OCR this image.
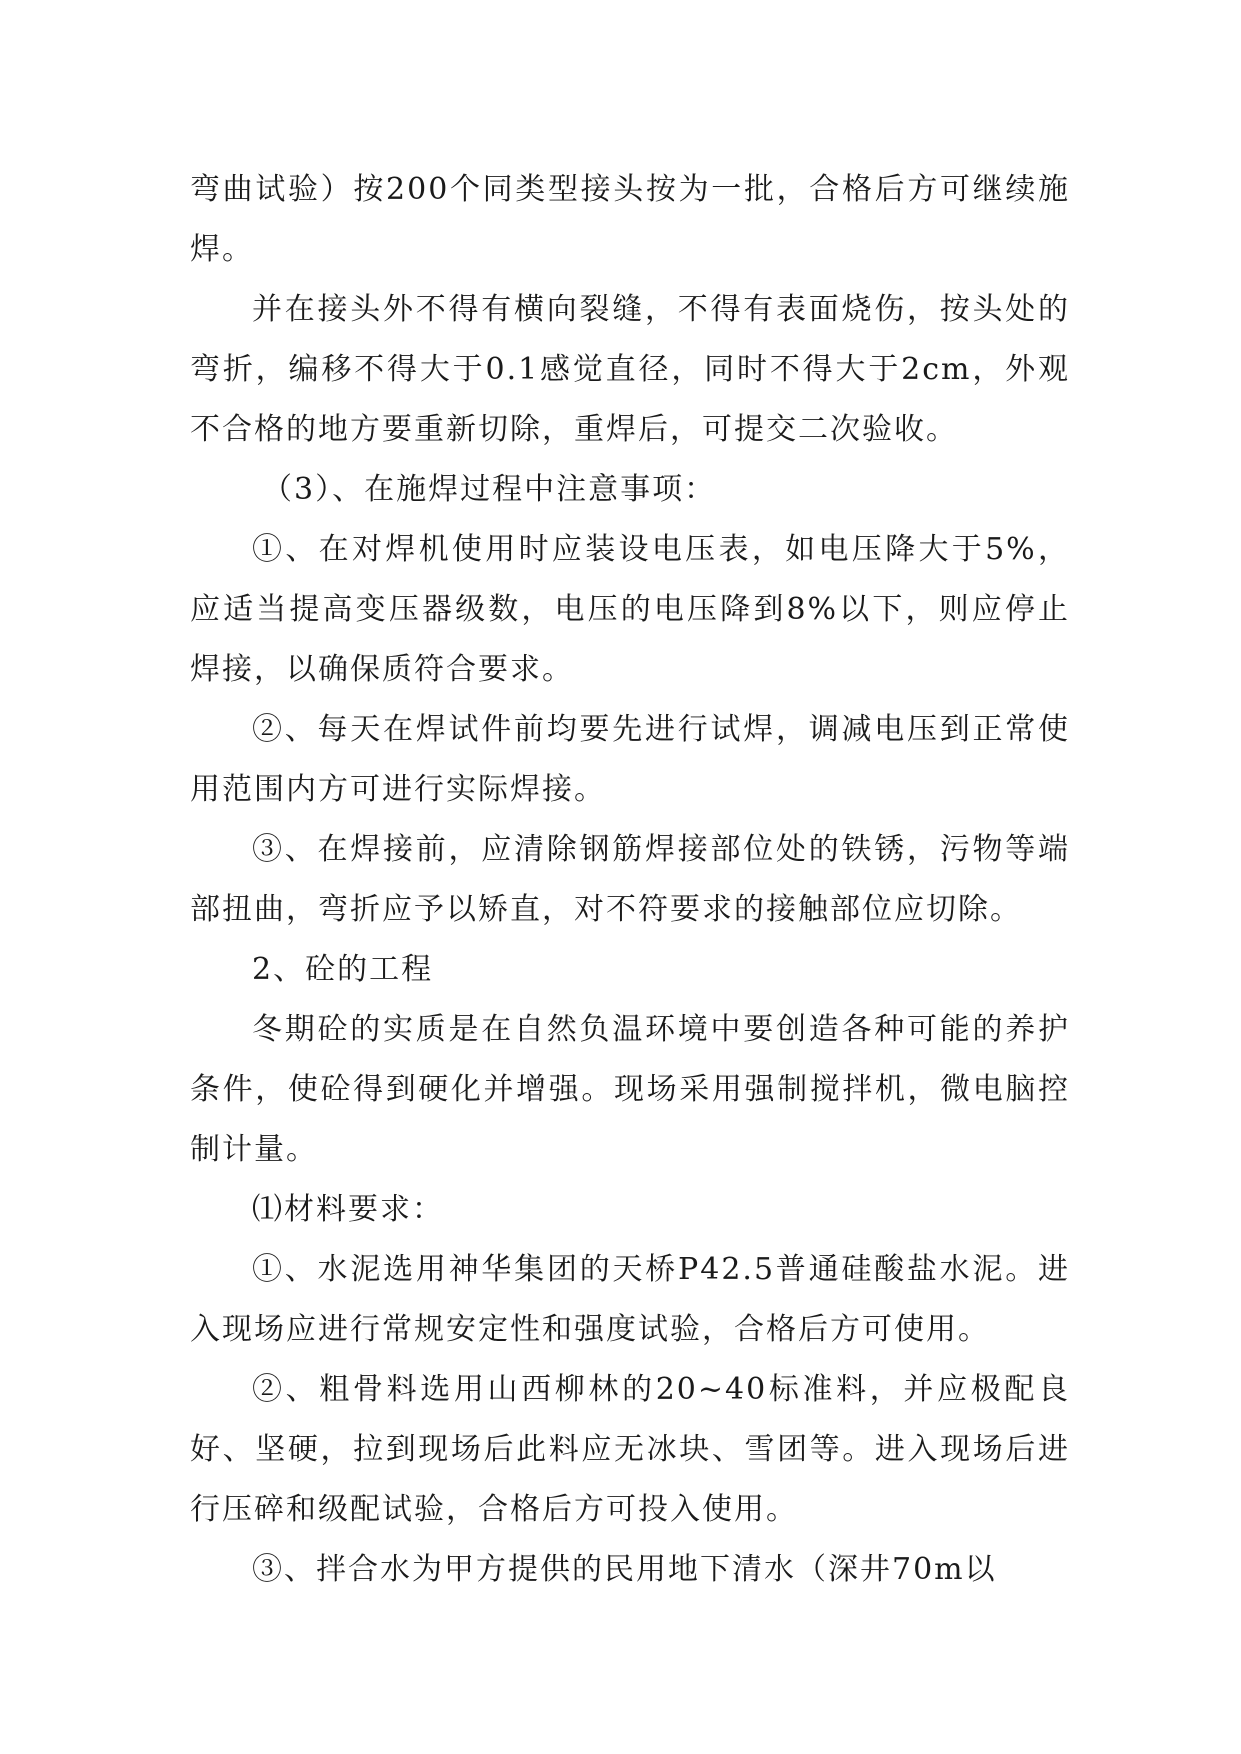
弯曲试验）按200个同类型接头按为一批，合格后方可继续施焊。

并在接头外不得有横向裂缝，不得有表面烧伤，按头处的弯折，编移不得大于0.1感觉直径，同时不得大于2cm，外观不合格的地方要重新切除，重焊后，可提交二次验收。

（3）、在施焊过程中注意事项：

①、在对焊机使用时应装设电压表，如电压降大于5%，应适当提高变压器级数，电压的电压降到8%以下，则应停止焊接，以确保质符合要求。

②、每天在焊试件前均要先进行试焊，调减电压到正常使用范围内方可进行实际焊接。

③、在焊接前，应清除钢筋焊接部位处的铁锈，污物等端部扭曲，弯折应予以矫直，对不符要求的接触部位应切除。

2、砼的工程

冬期砼的实质是在自然负温环境中要创造各种可能的养护条件，使砼得到硬化并增强。现场采用强制搅拌机，微电脑控制计量。

⑴材料要求：

①、水泥选用神华集团的天桥P42.5普通硅酸盐水泥。进入现场应进行常规安定性和强度试验，合格后方可使用。

②、粗骨料选用山西柳林的20~40标准料，并应极配良好、坚硬，拉到现场后此料应无冰块、雪团等。进入现场后进行压碎和级配试验，合格后方可投入使用。

③、拌合水为甲方提供的民用地下清水（深井70m以
